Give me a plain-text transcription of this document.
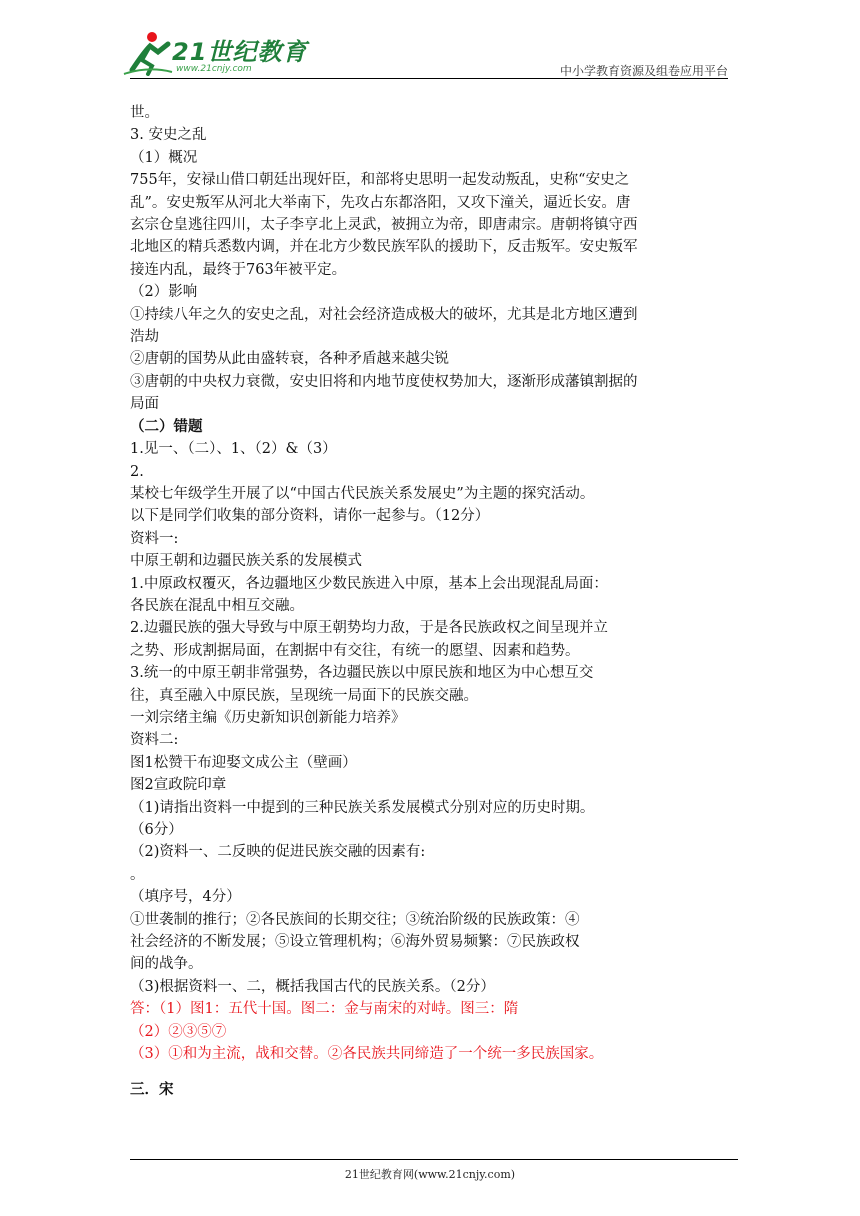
21世纪教育
www.21cnjy.com	中小学教育资源及组卷应用平台

世。

3. 安史之乱

（1）概况

755年，安禄山借口朝廷出现奸臣，和部将史思明一起发动叛乱，史称“安史之

乱”。安史叛军从河北大举南下，先攻占东都洛阳，又攻下潼关，逼近长安。唐

玄宗仓皇逃往四川，太子李亨北上灵武，被拥立为帝，即唐肃宗。唐朝将镇守西

北地区的精兵悉数内调，并在北方少数民族军队的援助下，反击叛军。安史叛军

接连内乱，最终于763年被平定。

（2）影响

①持续八年之久的安史之乱，对社会经济造成极大的破坏，尤其是北方地区遭到

浩劫

②唐朝的国势从此由盛转衰，各种矛盾越来越尖锐

③唐朝的中央权力衰微，安史旧将和内地节度使权势加大，逐渐形成藩镇割据的

局面

（二）错题

1.见一、（二）、1、（2）&（3）

2.

某校七年级学生开展了以“中国古代民族关系发展史”为主题的探究活动。

以下是同学们收集的部分资料，请你一起参与。（12分）

资料一:

中原王朝和边疆民族关系的发展模式

1.中原政权覆灭，各边疆地区少数民族进入中原，基本上会出现混乱局面：

各民族在混乱中相互交融。

2.边疆民族的强大导致与中原王朝势均力敌，于是各民族政权之间呈现并立

之势、形成割据局面，在割据中有交往，有统一的愿望、因素和趋势。

3.统一的中原王朝非常强势，各边疆民族以中原民族和地区为中心想互交

往，真至融入中原民族，呈现统一局面下的民族交融。

一刘宗绪主编《历史新知识创新能力培养》

资料二:

图1松赞干布迎娶文成公主（壁画）

图2宣政院印章

（1)请指出资料一中提到的三种民族关系发展模式分别对应的历史时期。

（6分）

（2)资料一、二反映的促进民族交融的因素有:

。

（填序号，4分）

①世袭制的推行；②各民族间的长期交往；③统治阶级的民族政策：④

社会经济的不断发展；⑤设立管理机构；⑥海外贸易频繁：⑦民族政权

间的战争。

（3)根据资料一、二，概括我国古代的民族关系。（2分）

答：（1）图1：五代十国。图二：金与南宋的对峙。图三：隋

（2）②③⑤⑦

（3）①和为主流，战和交替。②各民族共同缔造了一个统一多民族国家。

三．宋

21世纪教育网(www.21cnjy.com)
